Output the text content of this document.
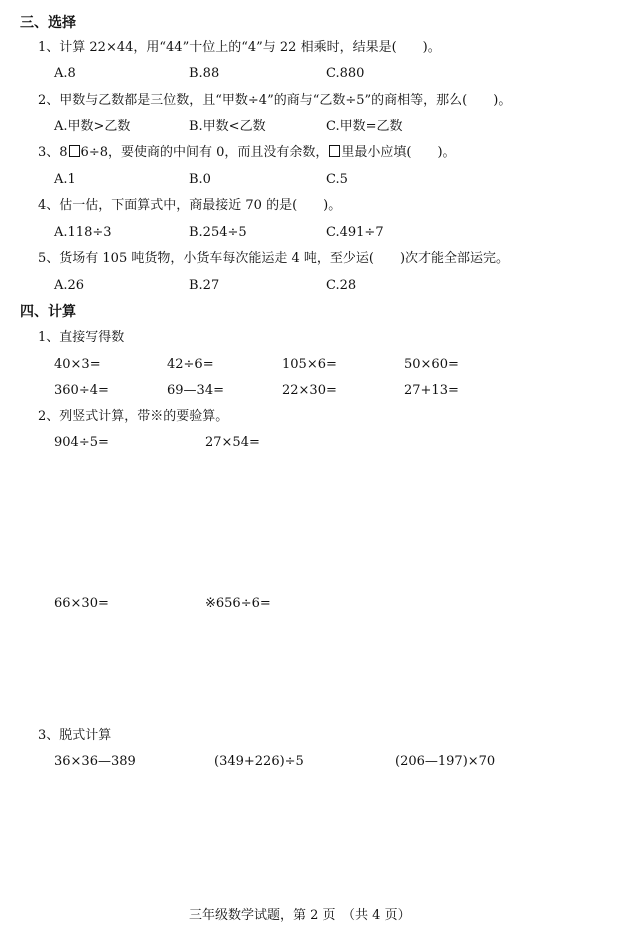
三、选择
1、计算 22×44，用“44”十位上的“4”与 22 相乘时，结果是(　　)。
A.8	B.88	C.880
2、甲数与乙数都是三位数，且“甲数÷4”的商与“乙数÷5”的商相等，那么(　　)。
A.甲数>乙数	B.甲数<乙数	C.甲数=乙数
3、8 6÷8，要使商的中间有 0，而且没有余数， 里最小应填(　　)。
A.1	B.0	C.5
4、估一估，下面算式中，商最接近 70 的是(　　)。
A.118÷3	B.254÷5	C.491÷7
5、货场有 105 吨货物，小货车每次能运走 4 吨，至少运(　　)次才能全部运完。
A.26	B.27	C.28
四、计算
1、直接写得数
40×3=	42÷6=	105×6=	50×60=
360÷4=	69—34=	22×30=	27+13=
2、列竖式计算，带※的要验算。
904÷5=	27×54=
66×30=	※656÷6=
3、脱式计算
36×36—389	(349+226)÷5	(206—197)×70
三年级数学试题，第 2 页　（共 4 页）
